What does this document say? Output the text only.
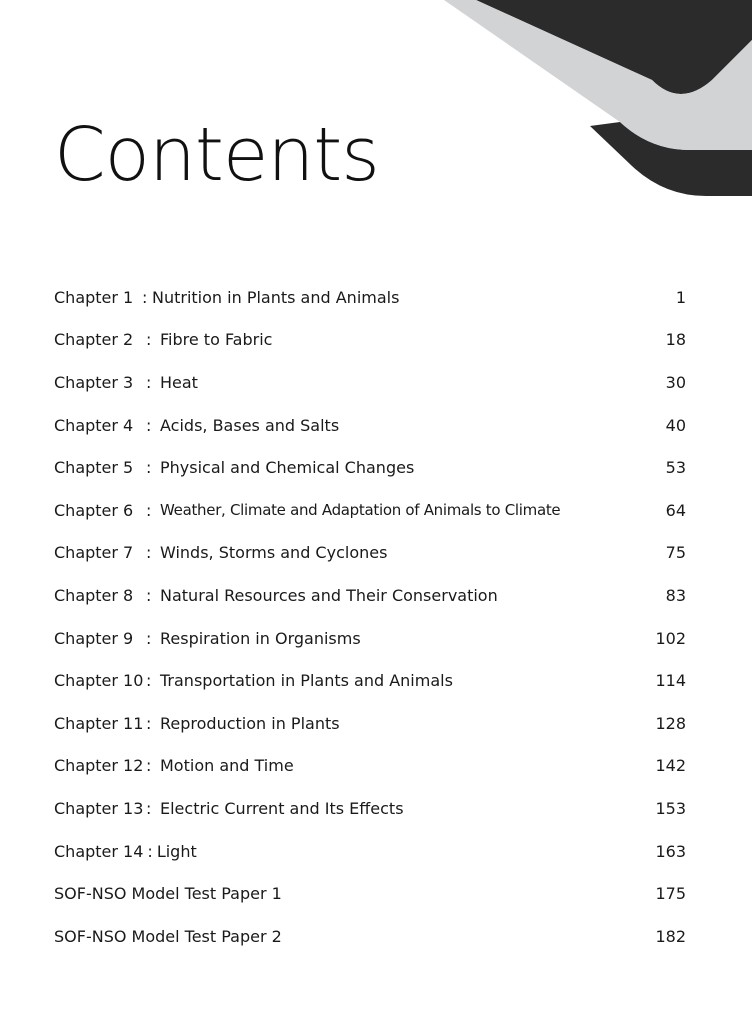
Contents
Chapter 1 : Nutrition in Plants and Animals	1
Chapter 2 : Fibre to Fabric	18
Chapter 3 : Heat	30
Chapter 4 : Acids, Bases and Salts	40
Chapter 5 : Physical and Chemical Changes	53
Chapter 6 : Weather, Climate and Adaptation of Animals to Climate	64
Chapter 7 : Winds, Storms and Cyclones	75
Chapter 8 : Natural Resources and Their Conservation	83
Chapter 9 : Respiration in Organisms	102
Chapter 10 : Transportation in Plants and Animals	114
Chapter 11 : Reproduction in Plants	128
Chapter 12 : Motion and Time	142
Chapter 13 : Electric Current and Its Effects	153
Chapter 14 : Light	163
SOF-NSO Model Test Paper 1	175
SOF-NSO Model Test Paper 2	182
